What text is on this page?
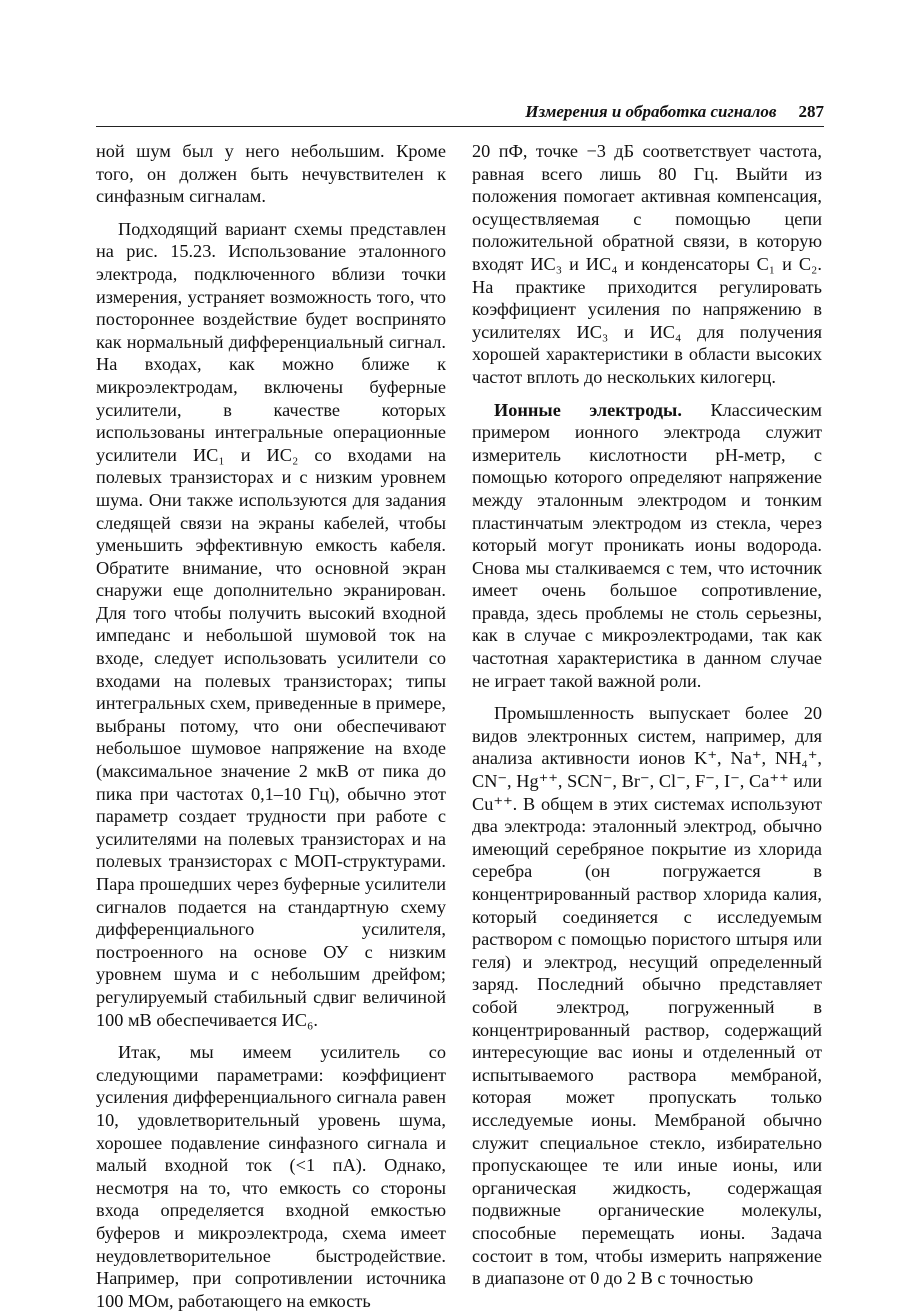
Измерения и обработка сигналов 287

ной шум был у него небольшим. Кроме того, он должен быть нечувствителен к синфазным сигналам.

Подходящий вариант схемы представлен на рис. 15.23. Использование эталонного электрода, подключенного вблизи точки измерения, устраняет возможность того, что постороннее воздействие будет воспринято как нормальный дифференциальный сигнал. На входах, как можно ближе к микроэлектродам, включены буферные усилители, в качестве которых использованы интегральные операционные усилители ИС₁ и ИС₂ со входами на полевых транзисторах и с низким уровнем шума. Они также используются для задания следящей связи на экраны кабелей, чтобы уменьшить эффективную емкость кабеля. Обратите внимание, что основной экран снаружи еще дополнительно экранирован. Для того чтобы получить высокий входной импеданс и небольшой шумовой ток на входе, следует использовать усилители со входами на полевых транзисторах; типы интегральных схем, приведенные в примере, выбраны потому, что они обеспечивают небольшое шумовое напряжение на входе (максимальное значение 2 мкВ от пика до пика при частотах 0,1–10 Гц), обычно этот параметр создает трудности при работе с усилителями на полевых транзисторах и на полевых транзисторах с МОП-структурами. Пара прошедших через буферные усилители сигналов подается на стандартную схему дифференциального усилителя, построенного на основе ОУ с низким уровнем шума и с небольшим дрейфом; регулируемый стабильный сдвиг величиной 100 мВ обеспечивается ИС₆.

Итак, мы имеем усилитель со следующими параметрами: коэффициент усиления дифференциального сигнала равен 10, удовлетворительный уровень шума, хорошее подавление синфазного сигнала и малый входной ток (<1 пА). Однако, несмотря на то, что емкость со стороны входа определяется входной емкостью буферов и микроэлектрода, схема имеет неудовлетворительное быстродействие. Например, при сопротивлении источника 100 МОм, работающего на емкость

20 пФ, точке −3 дБ соответствует частота, равная всего лишь 80 Гц. Выйти из положения помогает активная компенсация, осуществляемая с помощью цепи положительной обратной связи, в которую входят ИС₃ и ИС₄ и конденсаторы C₁ и C₂. На практике приходится регулировать коэффициент усиления по напряжению в усилителях ИС₃ и ИС₄ для получения хорошей характеристики в области высоких частот вплоть до нескольких килогерц.

Ионные электроды. Классическим примером ионного электрода служит измеритель кислотности pH-метр, с помощью которого определяют напряжение между эталонным электродом и тонким пластинчатым электродом из стекла, через который могут проникать ионы водорода. Снова мы сталкиваемся с тем, что источник имеет очень большое сопротивление, правда, здесь проблемы не столь серьезны, как в случае с микроэлектродами, так как частотная характеристика в данном случае не играет такой важной роли.

Промышленность выпускает более 20 видов электронных систем, например, для анализа активности ионов K⁺, Na⁺, NH₄⁺, CN⁻, Hg⁺⁺, SCN⁻, Br⁻, Cl⁻, F⁻, I⁻, Ca⁺⁺ или Cu⁺⁺. В общем в этих системах используют два электрода: эталонный электрод, обычно имеющий серебряное покрытие из хлорида серебра (он погружается в концентрированный раствор хлорида калия, который соединяется с исследуемым раствором с помощью пористого штыря или геля) и электрод, несущий определенный заряд. Последний обычно представляет собой электрод, погруженный в концентрированный раствор, содержащий интересующие вас ионы и отделенный от испытываемого раствора мембраной, которая может пропускать только исследуемые ионы. Мембраной обычно служит специальное стекло, избирательно пропускающее те или иные ионы, или органическая жидкость, содержащая подвижные органические молекулы, способные перемещать ионы. Задача состоит в том, чтобы измерить напряжение в диапазоне от 0 до 2 В с точностью
